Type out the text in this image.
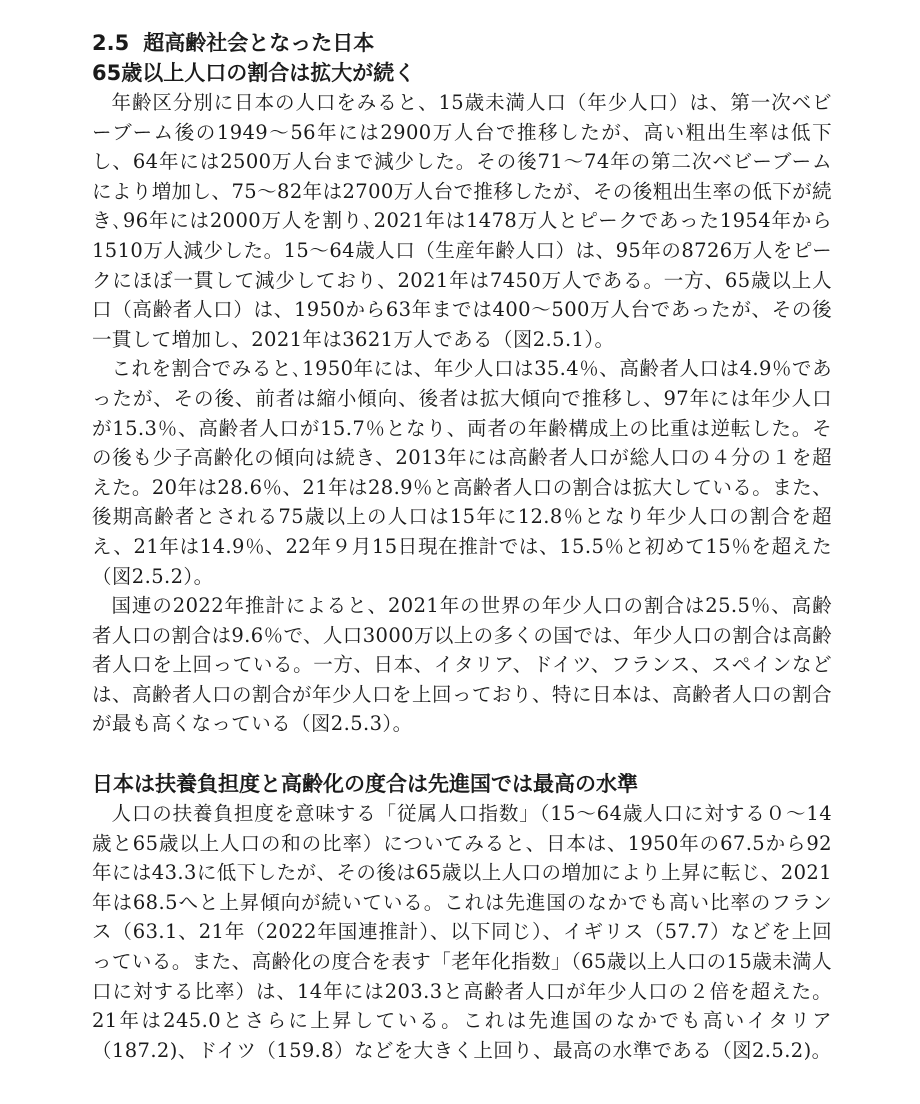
2.5 超高齢社会となった日本
65歳以上人口の割合は拡大が続く

年齢区分別に日本の人口をみると、15歳未満人口（年少人口）は、第一次ベビーブーム後の1949～56年には2900万人台で推移したが、高い粗出生率は低下し、64年には2500万人台まで減少した。その後71～74年の第二次ベビーブームにより増加し、75～82年は2700万人台で推移したが、その後粗出生率の低下が続き､96年には2000万人を割り､2021年は1478万人とピークであった1954年から1510万人減少した。15～64歳人口（生産年齢人口）は、95年の8726万人をピークにほぼ一貫して減少しており、2021年は7450万人である。一方、65歳以上人口（高齢者人口）は、1950から63年までは400～500万人台であったが、その後一貫して増加し、2021年は3621万人である（図2.5.1）。

これを割合でみると､1950年には、年少人口は35.4％、高齢者人口は4.9％であったが、その後、前者は縮小傾向、後者は拡大傾向で推移し、97年には年少人口が15.3％、高齢者人口が15.7％となり、両者の年齢構成上の比重は逆転した。その後も少子高齢化の傾向は続き、2013年には高齢者人口が総人口の４分の１を超えた。20年は28.6％、21年は28.9％と高齢者人口の割合は拡大している。また、後期高齢者とされる75歳以上の人口は15年に12.8％となり年少人口の割合を超え、21年は14.9％、22年９月15日現在推計では、15.5％と初めて15％を超えた（図2.5.2）。

国連の2022年推計によると、2021年の世界の年少人口の割合は25.5％、高齢者人口の割合は9.6％で、人口3000万以上の多くの国では、年少人口の割合は高齢者人口を上回っている。一方、日本、イタリア、ドイツ、フランス、スペインなどは、高齢者人口の割合が年少人口を上回っており、特に日本は、高齢者人口の割合が最も高くなっている（図2.5.3）。

日本は扶養負担度と高齢化の度合は先進国では最高の水準

人口の扶養負担度を意味する「従属人口指数」（15～64歳人口に対する０～14歳と65歳以上人口の和の比率）についてみると、日本は、1950年の67.5から92年には43.3に低下したが、その後は65歳以上人口の増加により上昇に転じ、2021年は68.5へと上昇傾向が続いている。これは先進国のなかでも高い比率のフランス（63.1、21年（2022年国連推計）、以下同じ）、イギリス（57.7）などを上回っている。また、高齢化の度合を表す「老年化指数」（65歳以上人口の15歳未満人口に対する比率）は、14年には203.3と高齢者人口が年少人口の２倍を超えた。21年は245.0とさらに上昇している。これは先進国のなかでも高いイタリア（187.2)、ドイツ（159.8）などを大きく上回り、最高の水準である（図2.5.2)。
